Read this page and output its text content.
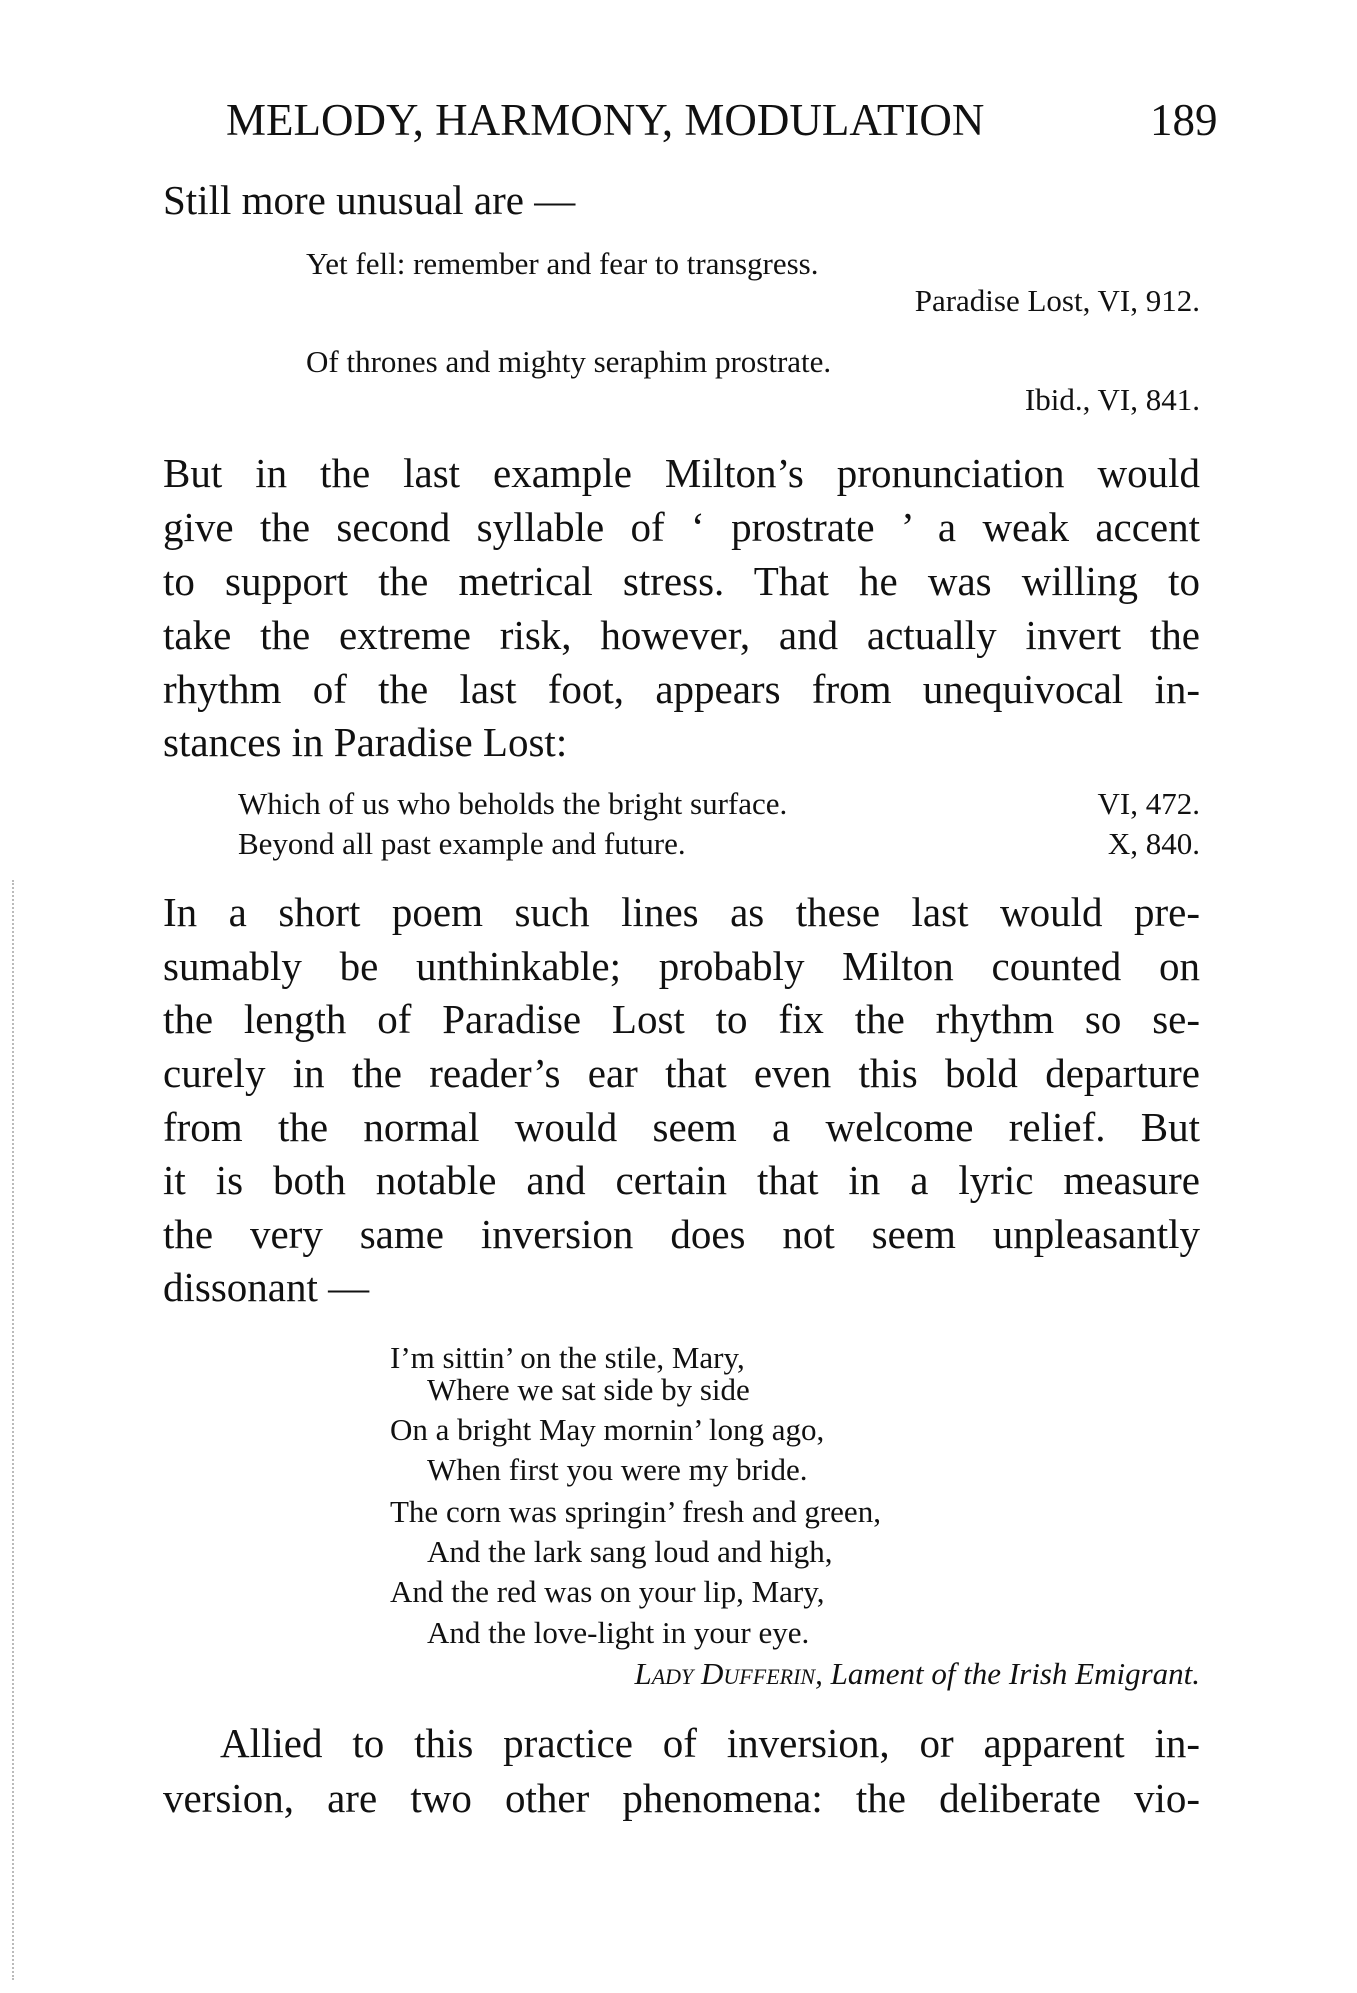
MELODY, HARMONY, MODULATION	189
Still more unusual are —
Yet fell: remember and fear to transgress.
Paradise Lost, VI, 912.
Of thrones and mighty seraphim prostrate.
Ibid., VI, 841.
But in the last example Milton’s pronunciation would
give the second syllable of ‘ prostrate ’ a weak accent
to support the metrical stress. That he was willing to
take the extreme risk, however, and actually invert the
rhythm of the last foot, appears from unequivocal in-
stances in Paradise Lost:
Which of us who beholds the bright surface.	VI, 472.
Beyond all past example and future.	X, 840.
In a short poem such lines as these last would pre-
sumably be unthinkable; probably Milton counted on
the length of Paradise Lost to fix the rhythm so se-
curely in the reader’s ear that even this bold departure
from the normal would seem a welcome relief. But
it is both notable and certain that in a lyric measure
the very same inversion does not seem unpleasantly
dissonant —
I’m sittin’ on the stile, Mary,
Where we sat side by side
On a bright May mornin’ long ago,
When first you were my bride.
The corn was springin’ fresh and green,
And the lark sang loud and high,
And the red was on your lip, Mary,
And the love-light in your eye.
Lady Dufferin, Lament of the Irish Emigrant.
Allied to this practice of inversion, or apparent in-
version, are two other phenomena: the deliberate vio-
